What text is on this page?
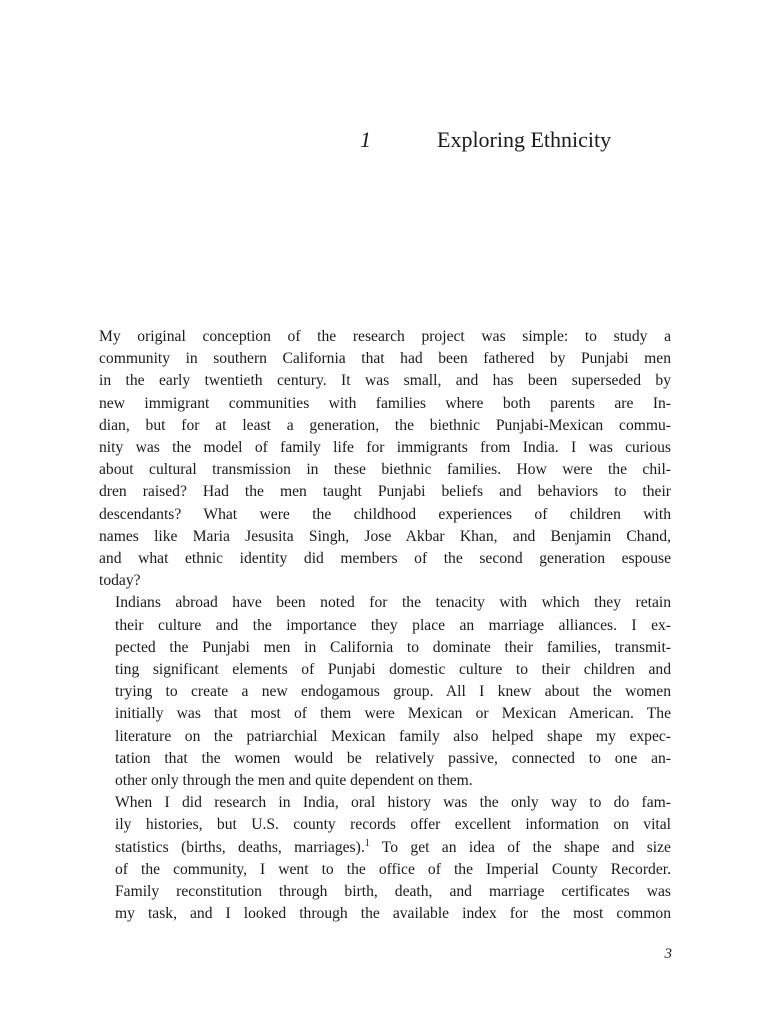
1	Exploring Ethnicity

My original conception of the research project was simple: to study a
community in southern California that had been fathered by Punjabi men
in the early twentieth century. It was small, and has been superseded by
new immigrant communities with families where both parents are In-
dian, but for at least a generation, the biethnic Punjabi-Mexican commu-
nity was the model of family life for immigrants from India. I was curious
about cultural transmission in these biethnic families. How were the chil-
dren raised? Had the men taught Punjabi beliefs and behaviors to their
descendants? What were the childhood experiences of children with
names like Maria Jesusita Singh, Jose Akbar Khan, and Benjamin Chand,
and what ethnic identity did members of the second generation espouse
today?

Indians abroad have been noted for the tenacity with which they retain
their culture and the importance they place an marriage alliances. I ex-
pected the Punjabi men in California to dominate their families, transmit-
ting significant elements of Punjabi domestic culture to their children and
trying to create a new endogamous group. All I knew about the women
initially was that most of them were Mexican or Mexican American. The
literature on the patriarchial Mexican family also helped shape my expec-
tation that the women would be relatively passive, connected to one an-
other only through the men and quite dependent on them.

When I did research in India, oral history was the only way to do fam-
ily histories, but U.S. county records offer excellent information on vital
statistics (births, deaths, marriages).$^1$ To get an idea of the shape and size
of the community, I went to the office of the Imperial County Recorder.
Family reconstitution through birth, death, and marriage certificates was
my task, and I looked through the available index for the most common

3
